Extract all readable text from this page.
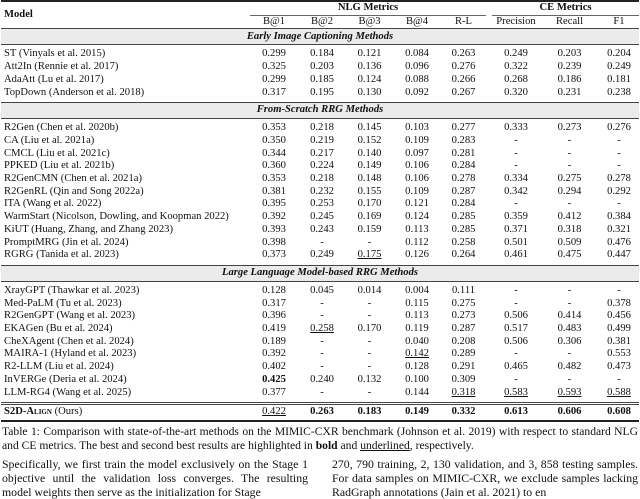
Model	NLG Metrics						CE Metrics		
	B@1	B@2	B@3	B@4	R-L		Precision	Recall	F1
Early Image Captioning Methods									

ST (Vinyals et al. 2015)	0.299	0.184	0.121	0.084	0.263		0.249	0.203	0.204
Att2In (Rennie et al. 2017)	0.325	0.203	0.136	0.096	0.276		0.322	0.239	0.249
AdaAtt (Lu et al. 2017)	0.299	0.185	0.124	0.088	0.266		0.268	0.186	0.181
TopDown (Anderson et al. 2018)	0.317	0.195	0.130	0.092	0.267		0.320	0.231	0.238

From-Scratch RRG Methods									

R2Gen (Chen et al. 2020b)	0.353	0.218	0.145	0.103	0.277		0.333	0.273	0.276
CA (Liu et al. 2021a)	0.350	0.219	0.152	0.109	0.283		-	-	-
CMCL (Liu et al. 2021c)	0.344	0.217	0.140	0.097	0.281		-	-	-
PPKED (Liu et al. 2021b)	0.360	0.224	0.149	0.106	0.284		-	-	-
R2GenCMN (Chen et al. 2021a)	0.353	0.218	0.148	0.106	0.278		0.334	0.275	0.278
R2GenRL (Qin and Song 2022a)	0.381	0.232	0.155	0.109	0.287		0.342	0.294	0.292
ITA (Wang et al. 2022)	0.395	0.253	0.170	0.121	0.284		-	-	-
WarmStart (Nicolson, Dowling, and Koopman 2022)	0.392	0.245	0.169	0.124	0.285		0.359	0.412	0.384
KiUT (Huang, Zhang, and Zhang 2023)	0.393	0.243	0.159	0.113	0.285		0.371	0.318	0.321
PromptMRG (Jin et al. 2024)	0.398	-	-	0.112	0.258		0.501	0.509	0.476
RGRG (Tanida et al. 2023)	0.373	0.249	0.175	0.126	0.264		0.461	0.475	0.447

Large Language Model-based RRG Methods									

XrayGPT (Thawkar et al. 2023)	0.128	0.045	0.014	0.004	0.111		-	-	-
Med-PaLM (Tu et al. 2023)	0.317	-	-	0.115	0.275		-	-	0.378
R2GenGPT (Wang et al. 2023)	0.396	-	-	0.113	0.273		0.506	0.414	0.456
EKAGen (Bu et al. 2024)	0.419	0.258	0.170	0.119	0.287		0.517	0.483	0.499
CheXAgent (Chen et al. 2024)	0.189	-	-	0.040	0.208		0.506	0.306	0.381
MAIRA-1 (Hyland et al. 2023)	0.392	-	-	0.142	0.289		-	-	0.553
R2-LLM (Liu et al. 2024)	0.402	-	-	0.128	0.291		0.465	0.482	0.473
InVERGe (Deria et al. 2024)	0.425	0.240	0.132	0.100	0.309		-	-	-
LLM-RG4 (Wang et al. 2025)	0.377	-	-	0.144	0.318		0.583	0.593	0.588

S2D-Align (Ours)	0.422	0.263	0.183	0.149	0.332		0.613	0.606	0.608
Table 1: Comparison with state-of-the-art methods on the MIMIC-CXR benchmark (Johnson et al. 2019) with respect to standard NLG and CE metrics. The best and second best results are highlighted in bold and underlined, respectively.

Specifically, we first train the model exclusively on the Stage 1 objective until the validation loss converges. The resulting model weights then serve as the initialization for Stage

270, 790 training, 2, 130 validation, and 3, 858 testing samples. For data samples on MIMIC-CXR, we exclude samples lacking RadGraph annotations (Jain et al. 2021) to en
